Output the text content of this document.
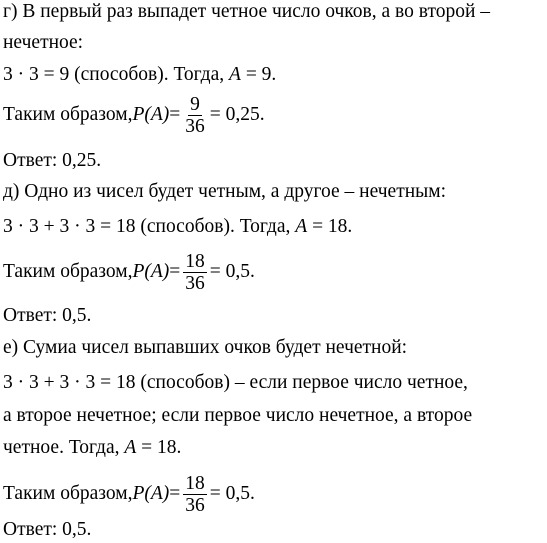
г) В первый раз выпадет четное число очков, а во второй –
нечетное:
3 · 3 = 9 (способов). Тогда, A = 9.
Таким образом, $P(A) = \frac{9}{36} = 0,25$.
Ответ: 0,25.
д) Одно из чисел будет четным, а другое – нечетным:
3 · 3 + 3 · 3 = 18 (способов). Тогда, A = 18.
Таким образом, $P(A) = \frac{18}{36} = 0,5$.
Ответ: 0,5.
е) Сумиа чисел выпавших очков будет нечетной:
3 · 3 + 3 · 3 = 18 (способов) – если первое число четное,
а второе нечетное; если первое число нечетное, а второе
четное. Тогда, A = 18.
Таким образом, $P(A) = \frac{18}{36} = 0,5$.
Ответ: 0,5.
